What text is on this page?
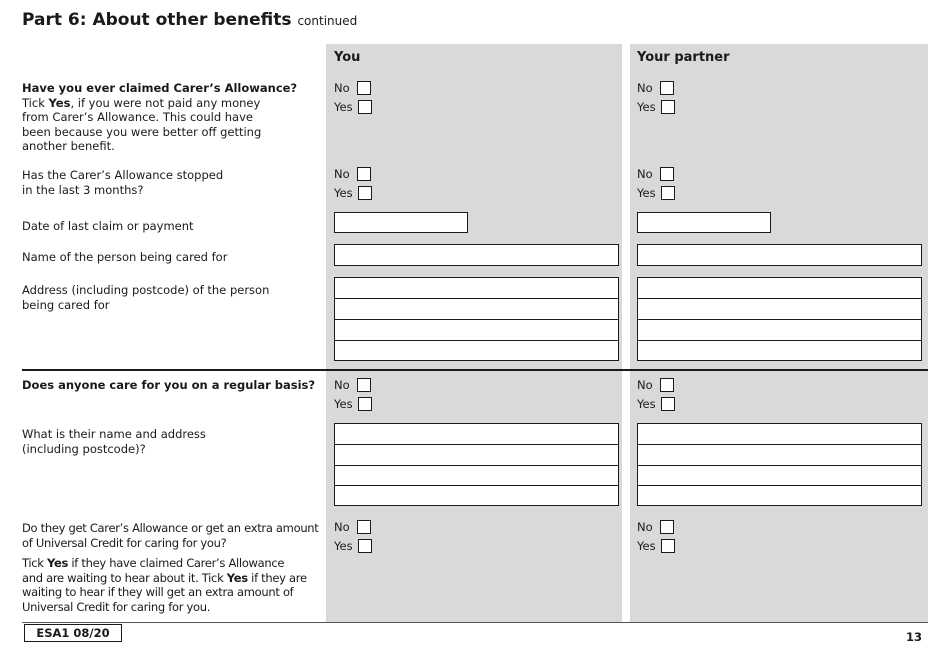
Part 6: About other benefits continued
You	Your partner
Have you ever claimed Carer’s Allowance?
Tick Yes, if you were not paid any money
from Carer’s Allowance. This could have
been because you were better off getting
another benefit.
No
Yes
No
Yes
Has the Carer’s Allowance stopped
in the last 3 months?
No
Yes
No
Yes
Date of last claim or payment
Name of the person being cared for
Address (including postcode) of the person
being cared for
Does anyone care for you on a regular basis? No
Yes
No
Yes
What is their name and address
(including postcode)?
Do they get Carer’s Allowance or get an extra amount
of Universal Credit for caring for you?
Tick Yes if they have claimed Carer’s Allowance
and are waiting to hear about it. Tick Yes if they are
waiting to hear if they will get an extra amount of
Universal Credit for caring for you.
No
Yes
No
Yes
ESA1 08/20	13
